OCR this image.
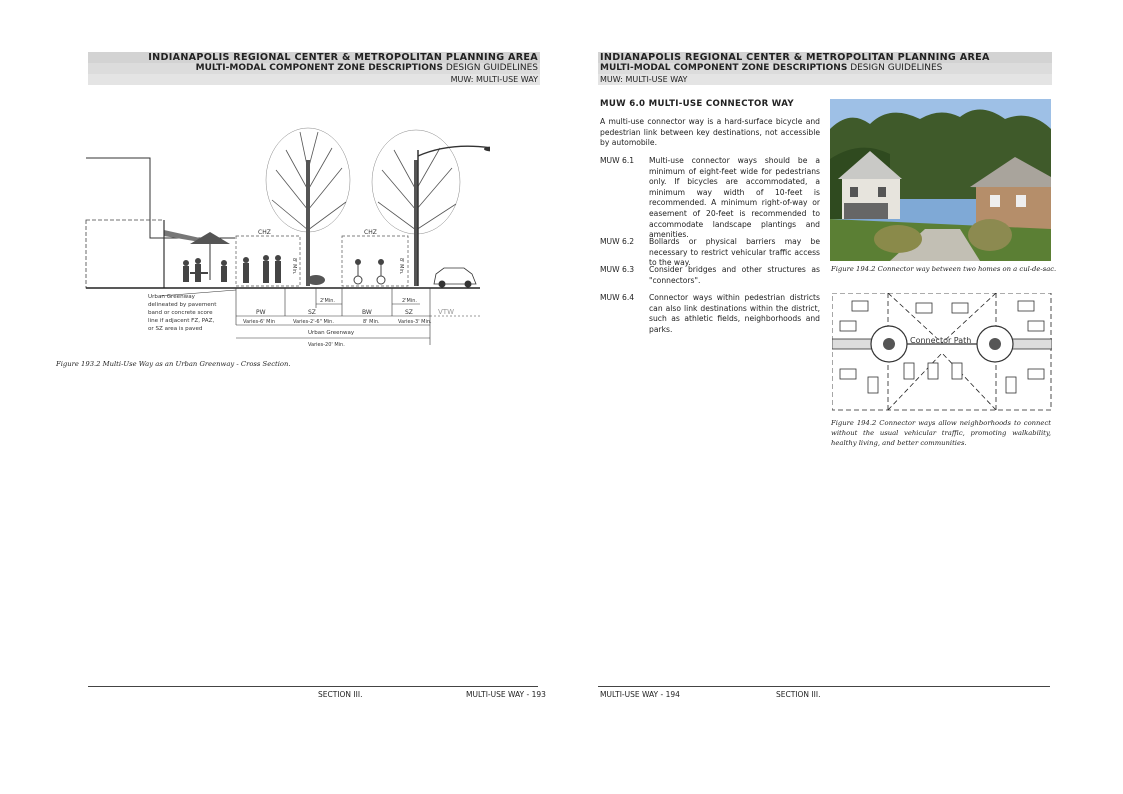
INDIANAPOLIS REGIONAL CENTER & METROPOLITAN PLANNING AREA
MULTI-MODAL COMPONENT ZONE DESCRIPTIONS DESIGN GUIDELINES
MUW: MULTI-USE WAY
CHZ	CHZ
8' Min.	8' Min.
PW	SZ	BW	SZ	VTW
2'Min.	2'Min.
Varies-6' Min	Varies-2'-6" Min.	8' Min.	Varies-3' Min.
Urban Greenway
Varies-20' Min.
Urban Greenway
delineated by pavement
band or concrete score
line if adjacent FZ, PAZ,
or SZ area is paved
Figure 193.2 Multi-Use Way as an Urban Greenway - Cross Section.
SECTION III.	MULTI-USE WAY - 193
INDIANAPOLIS REGIONAL CENTER & METROPOLITAN PLANNING AREA
MULTI-MODAL COMPONENT ZONE DESCRIPTIONS DESIGN GUIDELINES
MUW: MULTI-USE WAY
MUW 6.0 MULTI-USE CONNECTOR WAY
A multi-use connector way is a hard-surface bicycle and pedestrian link between key destinations, not accessible by automobile.
MUW 6.1 Multi-use connector ways should be a minimum of eight-feet wide for pedestrians only. If bicycles are accommodated, a minimum way width of 10-feet is recommended. A minimum right-of-way or easement of 20-feet is recommended to accommodate landscape plantings and amenities.
MUW 6.2 Bollards or physical barriers may be necessary to restrict vehicular traffic access to the way.
MUW 6.3 Consider bridges and other structures as "connectors".
MUW 6.4 Connector ways within pedestrian districts can also link destinations within the district, such as athletic fields, neighborhoods and parks.
Figure 194.2 Connector way between two homes on a cul-de-sac.
Connector Path
Figure 194.2 Connector ways allow neighborhoods to connect without the usual vehicular traffic, promoting walkability, healthy living, and better communities.
MULTI-USE WAY - 194	SECTION III.
